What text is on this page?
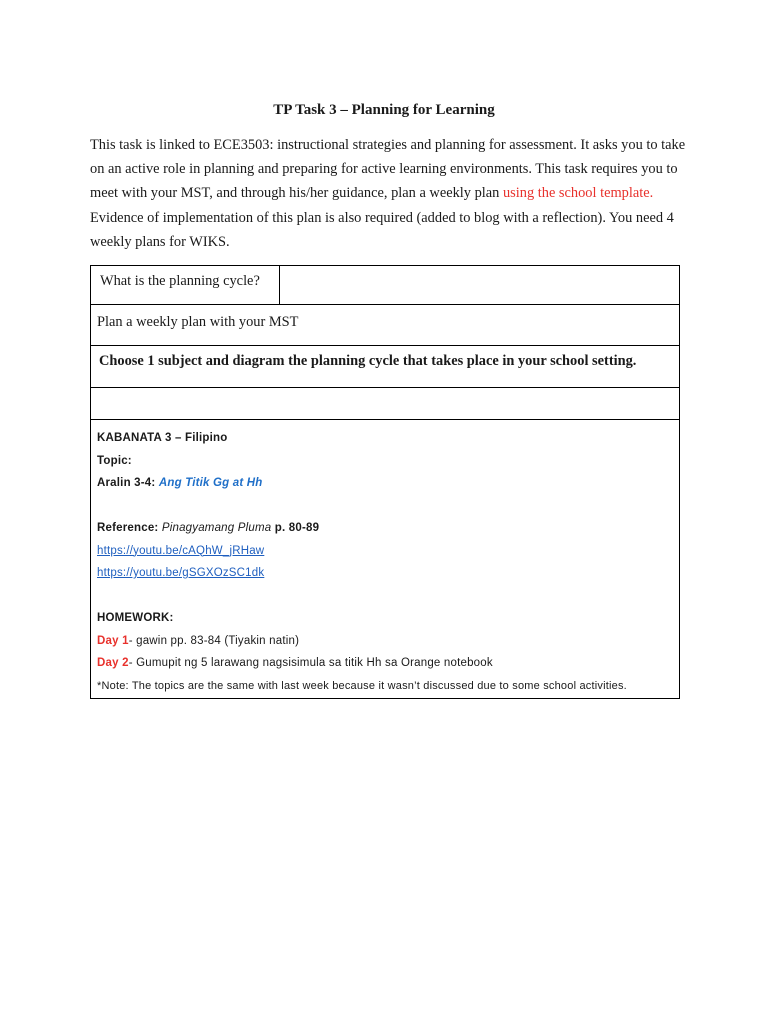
TP Task 3 – Planning for Learning
This task is linked to ECE3503: instructional strategies and planning for assessment. It asks you to take on an active role in planning and preparing for active learning environments. This task requires you to meet with your MST, and through his/her guidance, plan a weekly plan using the school template. Evidence of implementation of this plan is also required (added to blog with a reflection). You need 4 weekly plans for WIKS.
What is the planning cycle?	
Plan a weekly plan with your MST
Choose 1 subject and diagram the planning cycle that takes place in your school setting.

KABANATA 3 – Filipino
Topic:
Aralin 3-4: Ang Titik Gg at Hh
Reference: Pinagyamang Pluma p. 80-89
https://youtu.be/cAQhW_jRHaw
https://youtu.be/gSGXOzSC1dk
HOMEWORK:
Day 1- gawin pp. 83-84 (Tiyakin natin)
Day 2- Gumupit ng 5 larawang nagsisimula sa titik Hh sa Orange notebook
*Note: The topics are the same with last week because it wasn’t discussed due to some school activities.
